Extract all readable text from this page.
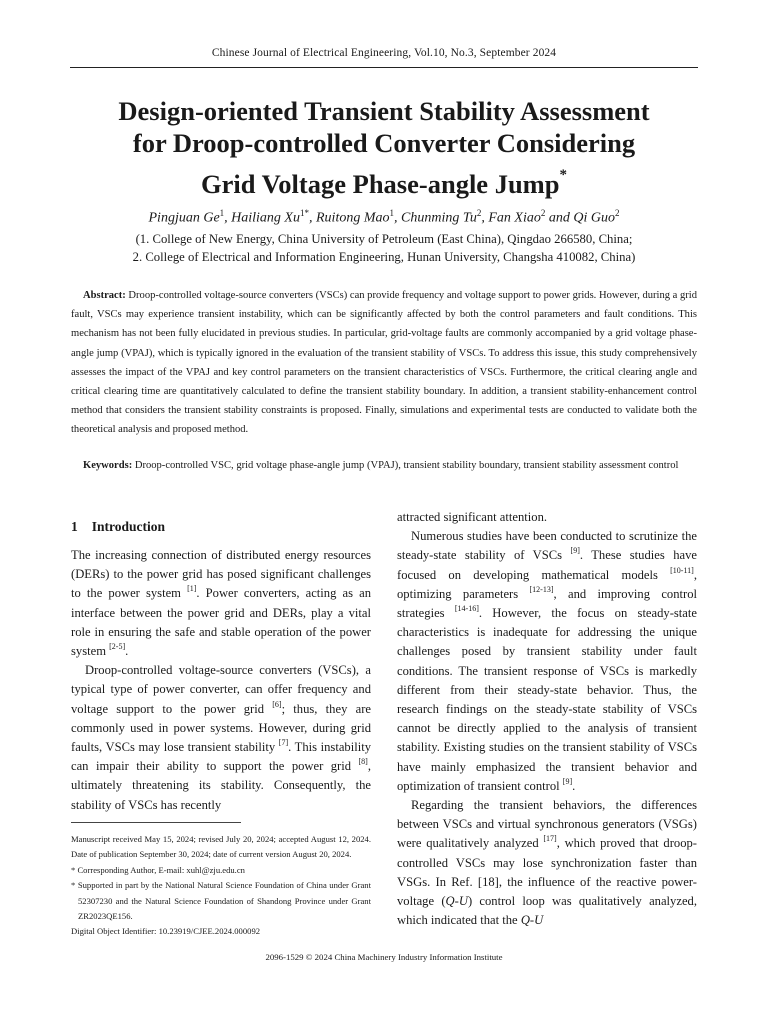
Chinese Journal of Electrical Engineering, Vol.10, No.3, September 2024
Design-oriented Transient Stability Assessment
for Droop-controlled Converter Considering
Grid Voltage Phase-angle Jump*
Pingjuan Ge$^1$, Hailiang $Xu^{1*}$, Ruitong Mao$^1$, Chunming Tu$^2$, Fan Xiao$^2$ and Qi Guo$^2$
(1. College of New Energy, China University of Petroleum (East China), Qingdao 266580, China;
2. College of Electrical and Information Engineering, Hunan University, Changsha 410082, China)
Abstract: Droop-controlled voltage-source converters (VSCs) can provide frequency and voltage support to power grids. However, during a grid fault, VSCs may experience transient instability, which can be significantly affected by both the control parameters and fault conditions. This mechanism has not been fully elucidated in previous studies. In particular, grid-voltage faults are commonly accompanied by a grid voltage phase-angle jump (VPAJ), which is typically ignored in the evaluation of the transient stability of VSCs. To address this issue, this study comprehensively assesses the impact of the VPAJ and key control parameters on the transient characteristics of VSCs. Furthermore, the critical clearing angle and critical clearing time are quantitatively calculated to define the transient stability boundary. In addition, a transient stability-enhancement control method that considers the transient stability constraints is proposed. Finally, simulations and experimental tests are conducted to validate both the theoretical analysis and proposed method.
Keywords: Droop-controlled VSC, grid voltage phase-angle jump (VPAJ), transient stability boundary, transient stability assessment control
1 Introduction

The increasing connection of distributed energy resources (DERs) to the power grid has posed significant challenges to the power system [1]. Power converters, acting as an interface between the power grid and DERs, play a vital role in ensuring the safe and stable operation of the power system [2-5].

Droop-controlled voltage-source converters (VSCs), a typical type of power converter, can offer frequency and voltage support to the power grid [6]; thus, they are commonly used in power systems. However, during grid faults, VSCs may lose transient stability [7]. This instability can impair their ability to support the power grid [8], ultimately threatening its stability. Consequently, the stability of VSCs has recently

attracted significant attention.

Numerous studies have been conducted to scrutinize the steady-state stability of VSCs [9]. These studies have focused on developing mathematical models [10-11], optimizing parameters [12-13], and improving control strategies [14-16]. However, the focus on steady-state characteristics is inadequate for addressing the unique challenges posed by transient stability under fault conditions. The transient response of VSCs is markedly different from their steady-state behavior. Thus, the research findings on the steady-state stability of VSCs cannot be directly applied to the analysis of transient stability. Existing studies on the transient stability of VSCs have mainly emphasized the transient behavior and optimization of transient control [9].

Regarding the transient behaviors, the differences between VSCs and virtual synchronous generators (VSGs) were qualitatively analyzed [17], which proved that droop-controlled VSCs may lose synchronization faster than VSGs. In Ref. [18], the influence of the reactive power-voltage (Q-U) control loop was qualitatively analyzed, which indicated that the Q-U

Manuscript received May 15, 2024; revised July 20, 2024; accepted August 12, 2024. Date of publication September 30, 2024; date of current version August 20, 2024.

* Corresponding Author, E-mail: xuhl@zju.edu.cn

* Supported in part by the National Natural Science Foundation of China under Grant 52307230 and the Natural Science Foundation of Shandong Province under Grant ZR2023QE156.

Digital Object Identifier: 10.23919/CJEE.2024.000092

2096-1529 © 2024 China Machinery Industry Information Institute
